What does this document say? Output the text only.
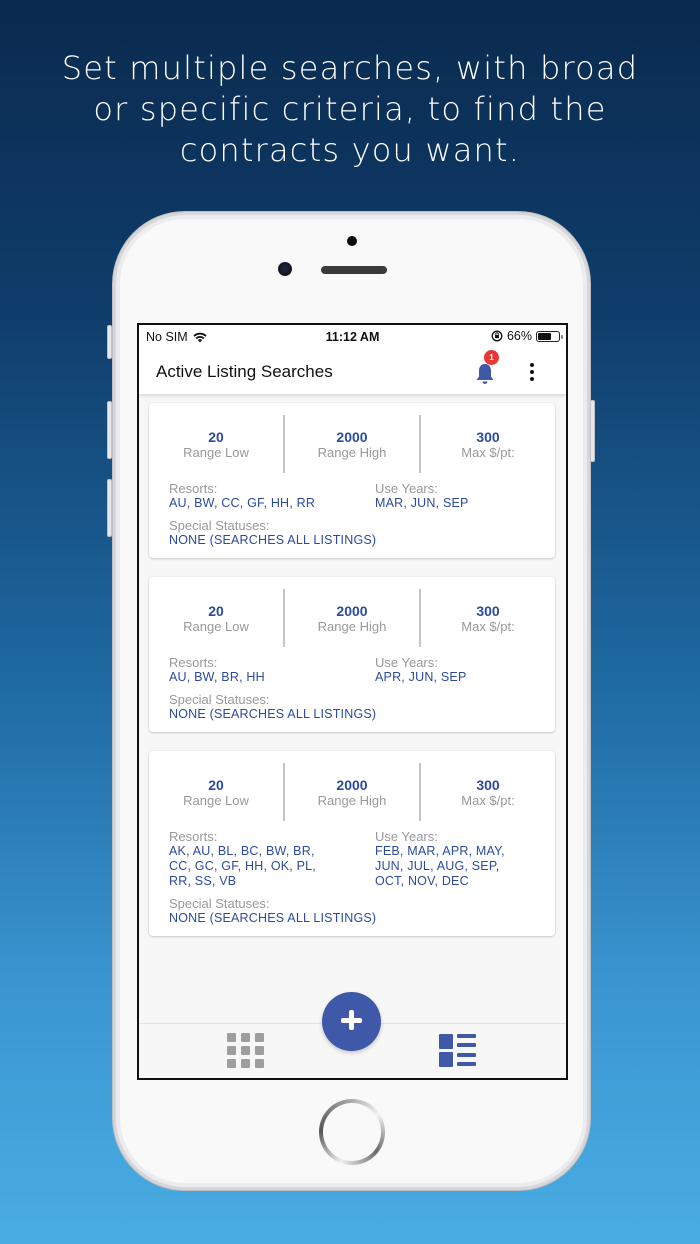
Set multiple searches, with broad
or specific criteria, to find the
contracts you want.
No SIM	11:12 AM	66%
Active Listing Searches
1
20
Range Low
2000
Range High
300
Max $/pt:
Resorts:
AU, BW, CC, GF, HH, RR
Use Years:
MAR, JUN, SEP
Special Statuses:
NONE (SEARCHES ALL LISTINGS)
20
Range Low
2000
Range High
300
Max $/pt:
Resorts:
AU, BW, BR, HH
Use Years:
APR, JUN, SEP
Special Statuses:
NONE (SEARCHES ALL LISTINGS)
20
Range Low
2000
Range High
300
Max $/pt:
Resorts:
AK, AU, BL, BC, BW, BR,
CC, GC, GF, HH, OK, PL,
RR, SS, VB
Use Years:
FEB, MAR, APR, MAY,
JUN, JUL, AUG, SEP,
OCT, NOV, DEC
Special Statuses:
NONE (SEARCHES ALL LISTINGS)
